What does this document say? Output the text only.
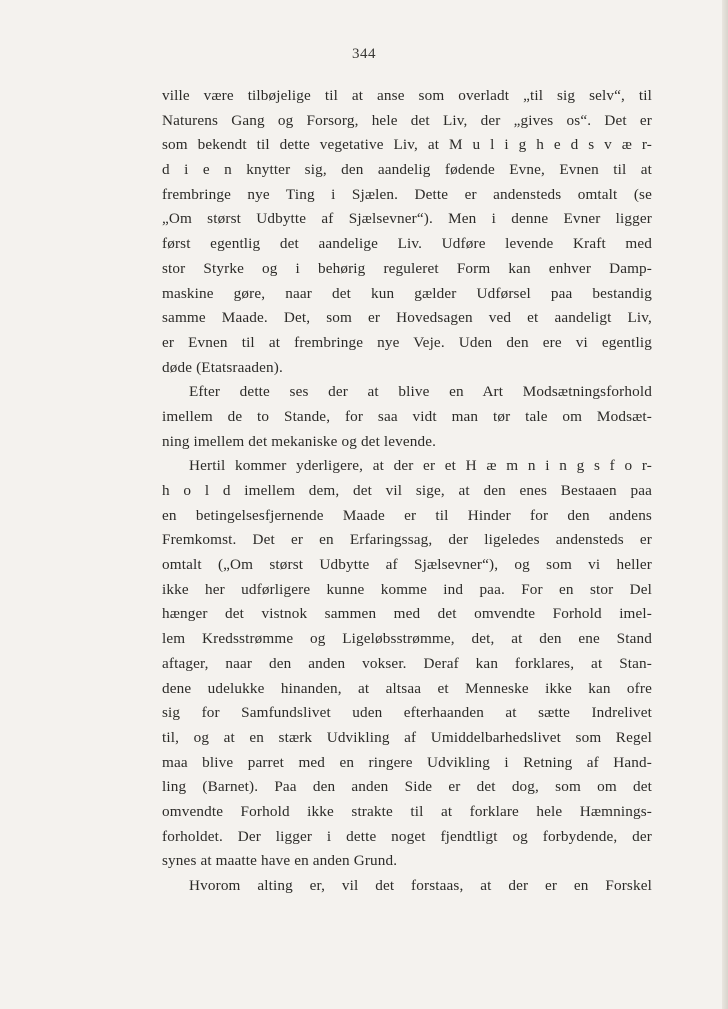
344
ville være tilbøjelige til at anse som overladt „til sig selv“, til
Naturens Gang og Forsorg, hele det Liv, der „gives os“. Det er
som bekendt til dette vegetative Liv, at M u l i g h e d s v æ r-
d i e n knytter sig, den aandelig fødende Evne, Evnen til at
frembringe nye Ting i Sjælen. Dette er andensteds omtalt (se
„Om størst Udbytte af Sjælsevner“). Men i denne Evner ligger
først egentlig det aandelige Liv. Udføre levende Kraft med
stor Styrke og i behørig reguleret Form kan enhver Damp-
maskine gøre, naar det kun gælder Udførsel paa bestandig
samme Maade. Det, som er Hovedsagen ved et aandeligt Liv,
er Evnen til at frembringe nye Veje. Uden den ere vi egentlig
døde (Etatsraaden).
Efter dette ses der at blive en Art Modsætningsforhold
imellem de to Stande, for saa vidt man tør tale om Modsæt-
ning imellem det mekaniske og det levende.
Hertil kommer yderligere, at der er et H æ m n i n g s f o r-
h o l d imellem dem, det vil sige, at den enes Bestaaen paa
en betingelsesfjernende Maade er til Hinder for den andens
Fremkomst. Det er en Erfaringssag, der ligeledes andensteds er
omtalt („Om størst Udbytte af Sjælsevner“), og som vi heller
ikke her udførligere kunne komme ind paa. For en stor Del
hænger det vistnok sammen med det omvendte Forhold imel-
lem Kredsstrømme og Ligeløbsstrømme, det, at den ene Stand
aftager, naar den anden vokser. Deraf kan forklares, at Stan-
dene udelukke hinanden, at altsaa et Menneske ikke kan ofre
sig for Samfundslivet uden efterhaanden at sætte Indrelivet
til, og at en stærk Udvikling af Umiddelbarhedslivet som Regel
maa blive parret med en ringere Udvikling i Retning af Hand-
ling (Barnet). Paa den anden Side er det dog, som om det
omvendte Forhold ikke strakte til at forklare hele Hæmnings-
forholdet. Der ligger i dette noget fjendtligt og forbydende, der
synes at maatte have en anden Grund.
Hvorom alting er, vil det forstaas, at der er en Forskel
